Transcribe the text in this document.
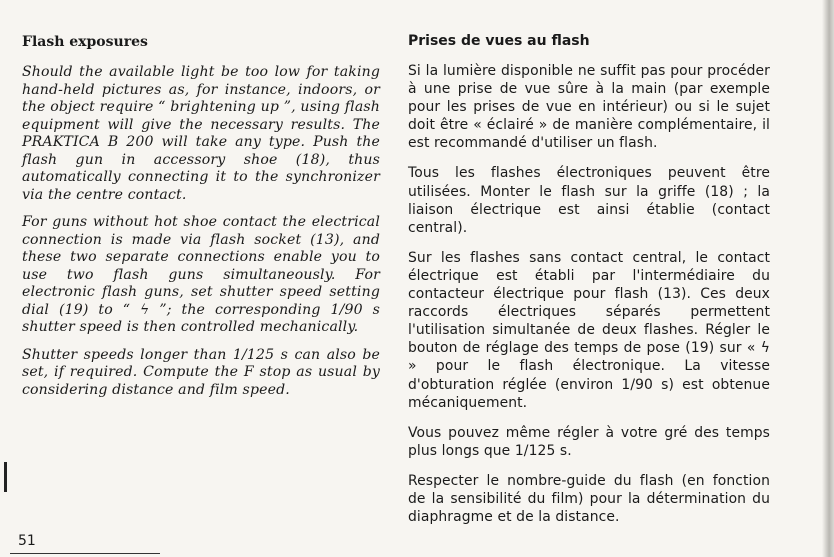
Flash exposures

Should the available light be too low for taking hand-held pictures as, for instance, indoors, or the object require “ brightening up ”, using flash equipment will give the necessary results. The PRAKTICA B 200 will take any type. Push the flash gun in accessory shoe (18), thus automatically connecting it to the synchronizer via the centre contact.

For guns without hot shoe contact the electrical connection is made via flash socket (13), and these two separate connections enable you to use two flash guns simultaneously. For electronic flash guns, set shutter speed setting dial (19) to “ ϟ ”; the corresponding 1/90 s shutter speed is then controlled mechanically.

Shutter speeds longer than 1/125 s can also be set, if required. Compute the F stop as usual by considering distance and film speed.

Prises de vues au flash

Si la lumière disponible ne suffit pas pour procéder à une prise de vue sûre à la main (par exemple pour les prises de vue en intérieur) ou si le sujet doit être « éclairé » de manière complémentaire, il est recommandé d'utiliser un flash.

Tous les flashes électroniques peuvent être utilisées. Monter le flash sur la griffe (18) ; la liaison électrique est ainsi établie (contact central).

Sur les flashes sans contact central, le contact électrique est établi par l'intermédiaire du contacteur électrique pour flash (13). Ces deux raccords électriques séparés permettent l'utilisation simultanée de deux flashes. Régler le bouton de réglage des temps de pose (19) sur « ϟ » pour le flash électronique. La vitesse d'obturation réglée (environ 1/90 s) est obtenue mécaniquement.

Vous pouvez même régler à votre gré des temps plus longs que 1/125 s.

Respecter le nombre-guide du flash (en fonction de la sensibilité du film) pour la détermination du diaphragme et de la distance.

51
